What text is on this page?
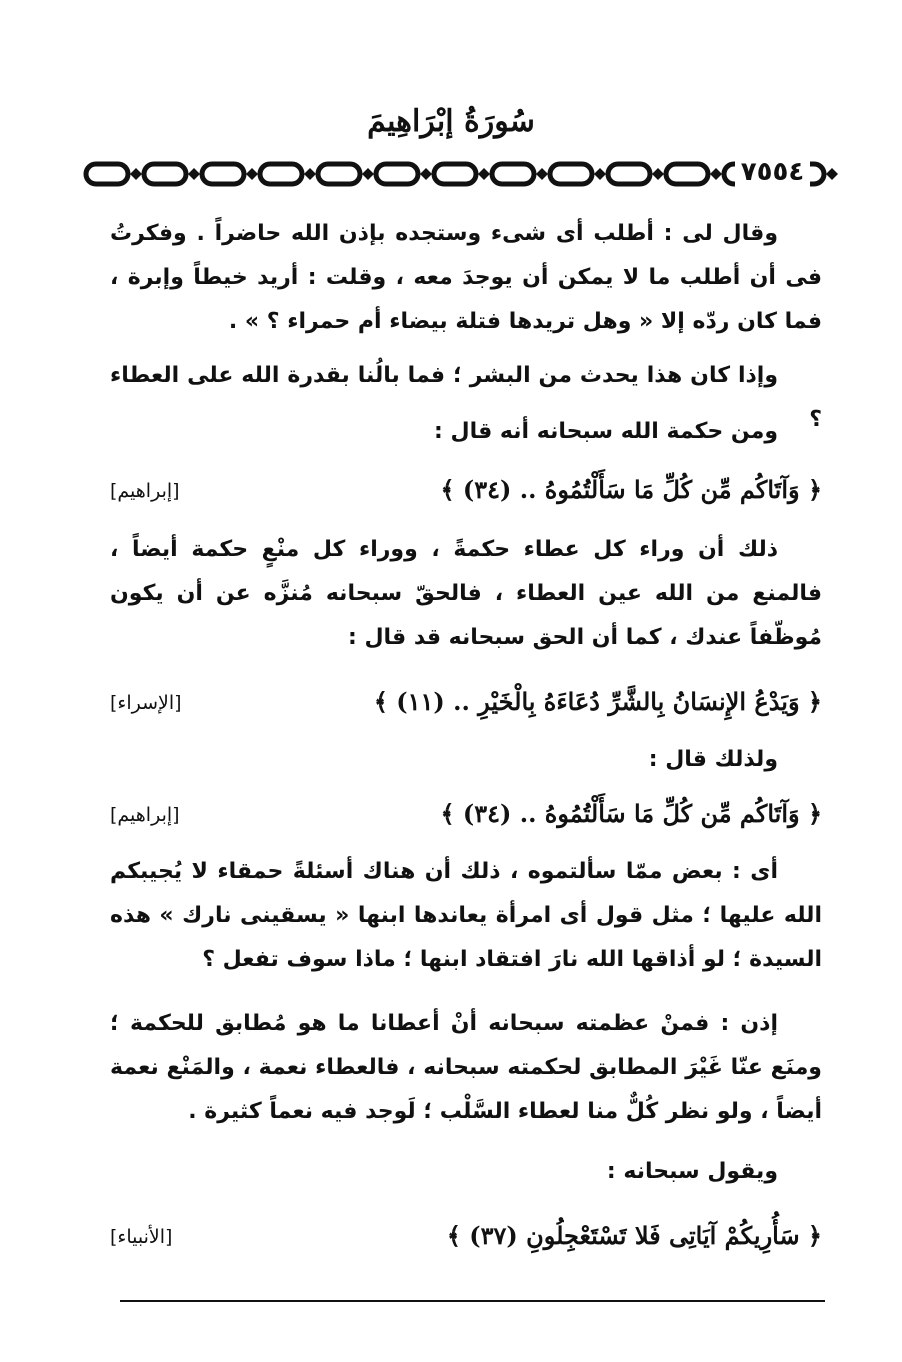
سُورَةُ إبْرَاهِيمَ
٧٥٥٤
وقال لى : أطلب أى شىء وستجده بإذن الله حاضراً . وفكرتُ فى أن أطلب ما لا يمكن أن يوجدَ معه ، وقلت : أريد خيطاً وإبرة ، فما كان ردّه إلا « وهل تريدها فتلة بيضاء أم حمراء ؟ » .
وإذا كان هذا يحدث من البشر ؛ فما بالُنا بقدرة الله على العطاء ؟
ومن حكمة الله سبحانه أنه قال :
﴿ وَآتَاكُم مِّن كُلِّ مَا سَأَلْتُمُوهُ .. (٣٤) ﴾
[إبراهيم]
ذلك أن وراء كل عطاء حكمةً ، ووراء كل منْعٍ حكمة أيضاً ، فالمنع من الله عين العطاء ، فالحقّ سبحانه مُنزَّه عن أن يكون مُوظّفاً عندك ، كما أن الحق سبحانه قد قال :
﴿ وَيَدْعُ الإِنسَانُ بِالشَّرِّ دُعَاءَهُ بِالْخَيْرِ .. (١١) ﴾
[الإسراء]
ولذلك قال :
﴿ وَآتَاكُم مِّن كُلِّ مَا سَأَلْتُمُوهُ .. (٣٤) ﴾
[إبراهيم]
أى : بعض ممّا سألتموه ، ذلك أن هناك أسئلةً حمقاء لا يُجيبكم الله عليها ؛ مثل قول أى امرأة يعاندها ابنها « يسقينى نارك » هذه السيدة ؛ لو أذاقها الله نارَ افتقاد ابنها ؛ ماذا سوف تفعل ؟
إذن : فمنْ عظمته سبحانه أنْ أعطانا ما هو مُطابق للحكمة ؛ ومنَع عنّا غَيْرَ المطابق لحكمته سبحانه ، فالعطاء نعمة ، والمَنْع نعمة أيضاً ، ولو نظر كُلٌّ منا لعطاء السَّلْب ؛ لَوجد فيه نعماً كثيرة .
ويقول سبحانه :
﴿ سَأُرِيكُمْ آيَاتِى فَلا تَسْتَعْجِلُونِ (٣٧) ﴾
[الأنبياء]
